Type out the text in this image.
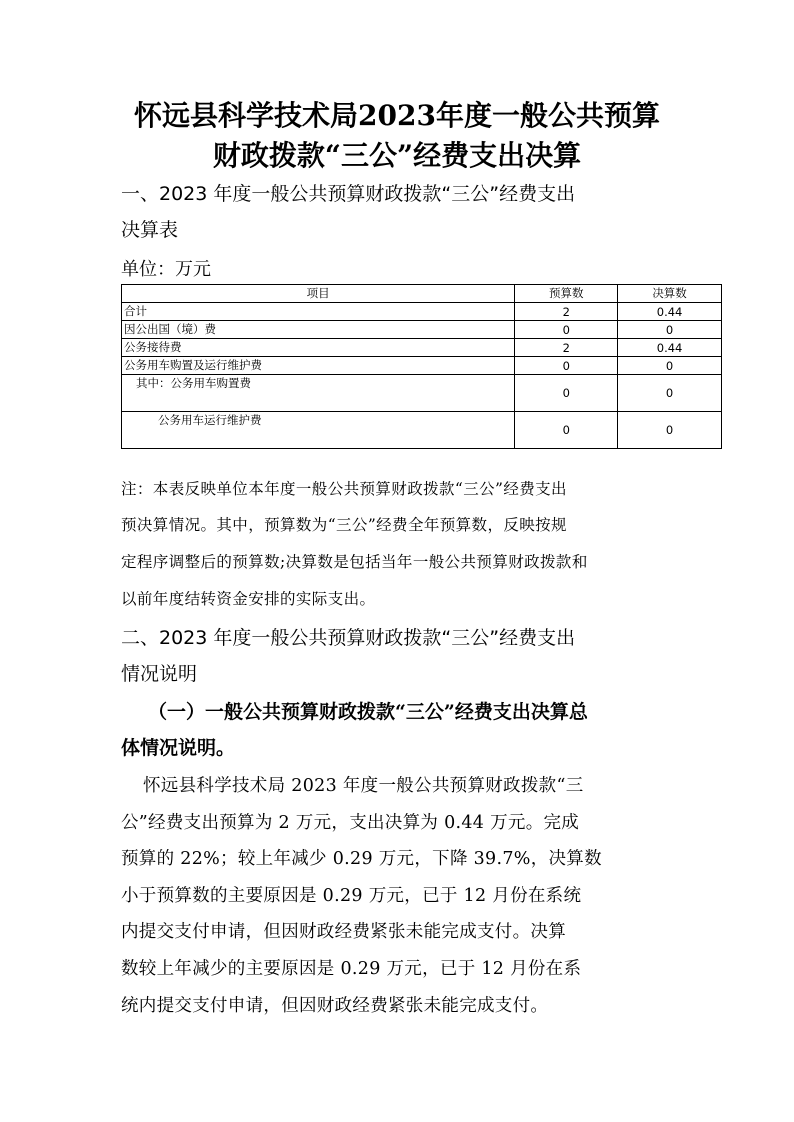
怀远县科学技术局2023年度一般公共预算
财政拨款“三公”经费支出决算
一、2023 年度一般公共预算财政拨款“三公”经费支出
决算表
单位：万元
项目	预算数	决算数
合计	2	0.44
因公出国（境）费	0	0
公务接待费	2	0.44
公务用车购置及运行维护费	0	0
其中：公务用车购置费	0	0
公务用车运行维护费	0	0
注：本表反映单位本年度一般公共预算财政拨款“三公”经费支出
预决算情况。其中，预算数为“三公”经费全年预算数，反映按规
定程序调整后的预算数;决算数是包括当年一般公共预算财政拨款和
以前年度结转资金安排的实际支出。
二、2023 年度一般公共预算财政拨款“三公”经费支出
情况说明
（一）一般公共预算财政拨款“三公”经费支出决算总
体情况说明。
怀远县科学技术局 2023 年度一般公共预算财政拨款“三
公”经费支出预算为 2 万元，支出决算为 0.44 万元。完成
预算的 22%；较上年减少 0.29 万元，下降 39.7%，决算数
小于预算数的主要原因是 0.29 万元，已于 12 月份在系统
内提交支付申请，但因财政经费紧张未能完成支付。决算
数较上年减少的主要原因是 0.29 万元，已于 12 月份在系
统内提交支付申请，但因财政经费紧张未能完成支付。
